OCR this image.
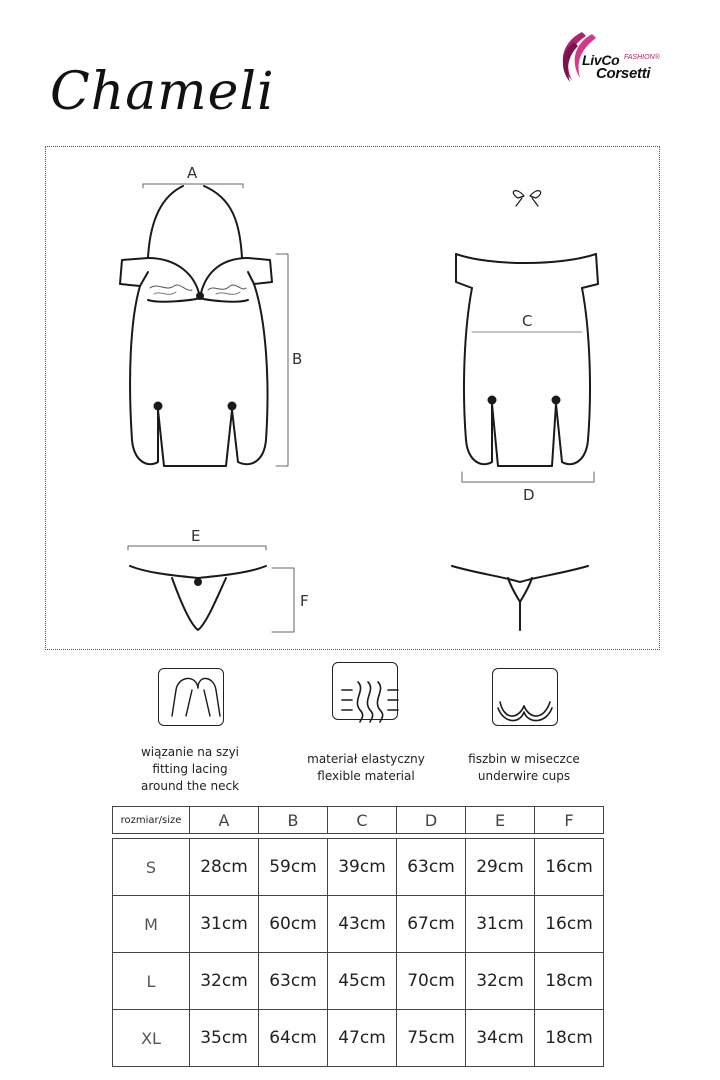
LivCo FASHION®
Corsetti
Chameli
A
B
C
D
E
F
wiązanie na szyi
fitting lacing
around the neck
materiał elastyczny
flexible material
fiszbin w miseczce
underwire cups
rozmiar/size	A	B	C	D	E	F

S	28cm	59cm	39cm	63cm	29cm	16cm
M	31cm	60cm	43cm	67cm	31cm	16cm
L	32cm	63cm	45cm	70cm	32cm	18cm
XL	35cm	64cm	47cm	75cm	34cm	18cm
